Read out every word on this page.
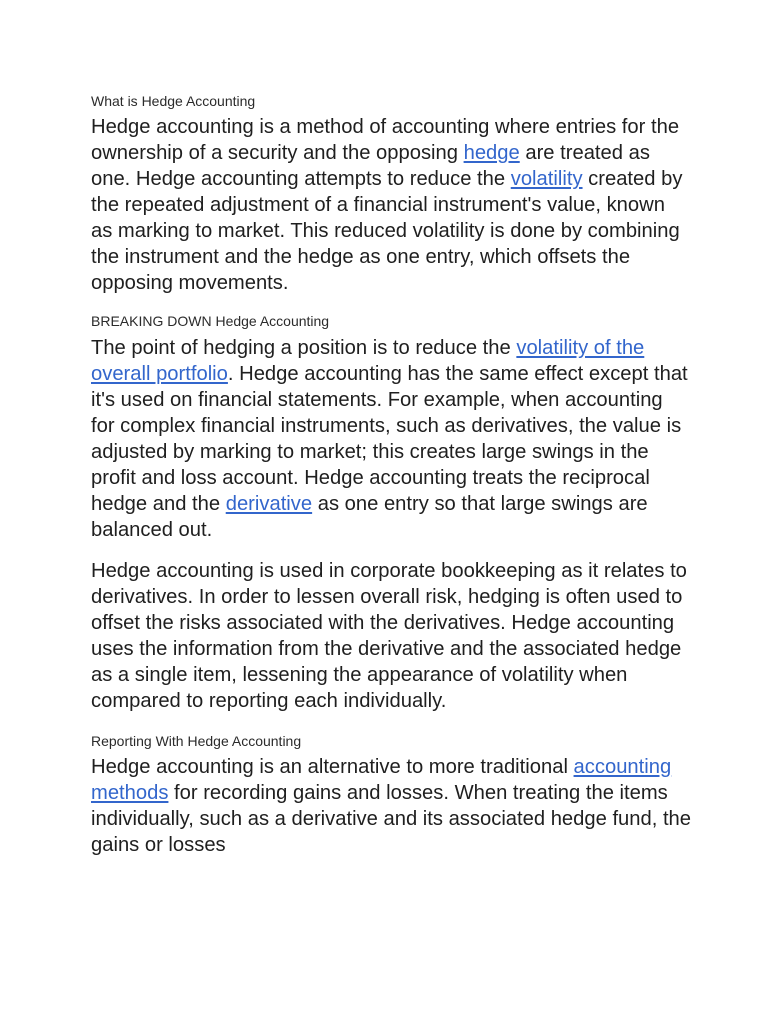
What is Hedge Accounting

Hedge accounting is a method of accounting where entries for the ownership of a security and the opposing hedge are treated as one. Hedge accounting attempts to reduce the volatility created by the repeated adjustment of a financial instrument's value, known as marking to market. This reduced volatility is done by combining the instrument and the hedge as one entry, which offsets the opposing movements.

BREAKING DOWN Hedge Accounting

The point of hedging a position is to reduce the volatility of the overall portfolio. Hedge accounting has the same effect except that it's used on financial statements. For example, when accounting for complex financial instruments, such as derivatives, the value is adjusted by marking to market; this creates large swings in the profit and loss account. Hedge accounting treats the reciprocal hedge and the derivative as one entry so that large swings are balanced out.

Hedge accounting is used in corporate bookkeeping as it relates to derivatives. In order to lessen overall risk, hedging is often used to offset the risks associated with the derivatives. Hedge accounting uses the information from the derivative and the associated hedge as a single item, lessening the appearance of volatility when compared to reporting each individually.

Reporting With Hedge Accounting

Hedge accounting is an alternative to more traditional accounting methods for recording gains and losses. When treating the items individually, such as a derivative and its associated hedge fund, the gains or losses
